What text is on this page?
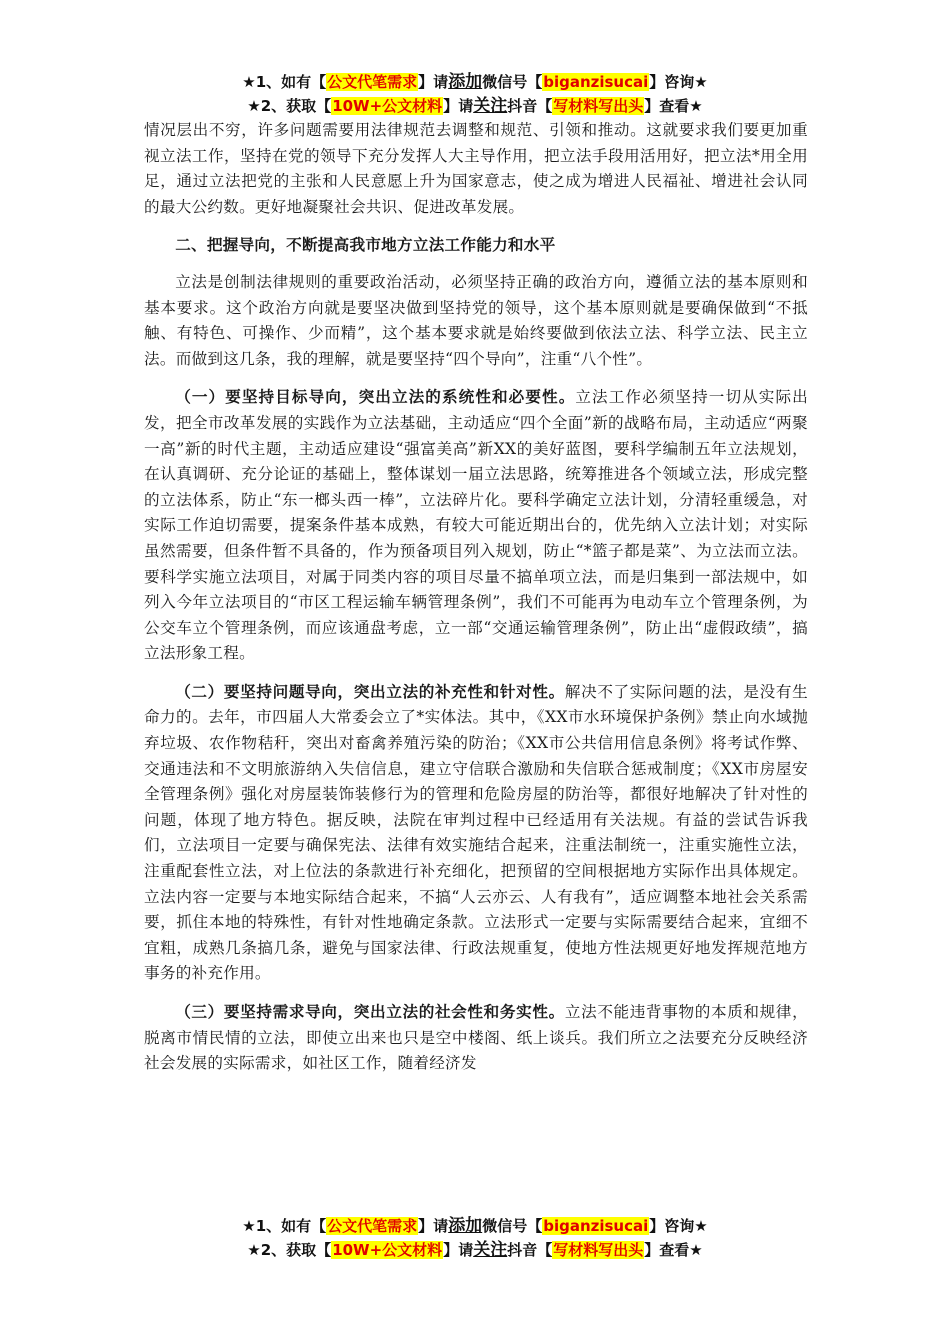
★1、如有【公文代笔需求】请添加微信号【biganzisucai】咨询★
★2、获取【10W+公文材料】请关注抖音【写材料写出头】查看★

情况层出不穷，许多问题需要用法律规范去调整和规范、引领和推动。这就要求我们要更加重视立法工作，坚持在党的领导下充分发挥人大主导作用，把立法手段用活用好，把立法*用全用足，通过立法把党的主张和人民意愿上升为国家意志，使之成为增进人民福祉、增进社会认同的最大公约数。更好地凝聚社会共识、促进改革发展。

二、把握导向，不断提高我市地方立法工作能力和水平

立法是创制法律规则的重要政治活动，必须坚持正确的政治方向，遵循立法的基本原则和基本要求。这个政治方向就是要坚决做到坚持党的领导，这个基本原则就是要确保做到“不抵触、有特色、可操作、少而精”，这个基本要求就是始终要做到依法立法、科学立法、民主立法。而做到这几条，我的理解，就是要坚持“四个导向”，注重“八个性”。

（一）要坚持目标导向，突出立法的系统性和必要性。立法工作必须坚持一切从实际出发，把全市改革发展的实践作为立法基础，主动适应“四个全面”新的战略布局，主动适应“两聚一高”新的时代主题，主动适应建设“强富美高”新XX的美好蓝图，要科学编制五年立法规划，在认真调研、充分论证的基础上，整体谋划一届立法思路，统筹推进各个领域立法，形成完整的立法体系，防止“东一榔头西一棒”，立法碎片化。要科学确定立法计划，分清轻重缓急，对实际工作迫切需要，提案条件基本成熟，有较大可能近期出台的，优先纳入立法计划；对实际虽然需要，但条件暂不具备的，作为预备项目列入规划，防止“*篮子都是菜”、为立法而立法。要科学实施立法项目，对属于同类内容的项目尽量不搞单项立法，而是归集到一部法规中，如列入今年立法项目的“市区工程运输车辆管理条例”，我们不可能再为电动车立个管理条例，为公交车立个管理条例，而应该通盘考虑，立一部“交通运输管理条例”，防止出“虚假政绩”，搞立法形象工程。

（二）要坚持问题导向，突出立法的补充性和针对性。解决不了实际问题的法，是没有生命力的。去年，市四届人大常委会立了*实体法。其中，《XX市水环境保护条例》禁止向水域抛弃垃圾、农作物秸秆，突出对畜禽养殖污染的防治；《XX市公共信用信息条例》将考试作弊、交通违法和不文明旅游纳入失信信息，建立守信联合激励和失信联合惩戒制度；《XX市房屋安全管理条例》强化对房屋装饰装修行为的管理和危险房屋的防治等，都很好地解决了针对性的问题，体现了地方特色。据反映，法院在审判过程中已经适用有关法规。有益的尝试告诉我们，立法项目一定要与确保宪法、法律有效实施结合起来，注重法制统一，注重实施性立法，注重配套性立法，对上位法的条款进行补充细化，把预留的空间根据地方实际作出具体规定。立法内容一定要与本地实际结合起来，不搞“人云亦云、人有我有”，适应调整本地社会关系需要，抓住本地的特殊性，有针对性地确定条款。立法形式一定要与实际需要结合起来，宜细不宜粗，成熟几条搞几条，避免与国家法律、行政法规重复，使地方性法规更好地发挥规范地方事务的补充作用。

（三）要坚持需求导向，突出立法的社会性和务实性。立法不能违背事物的本质和规律，脱离市情民情的立法，即使立出来也只是空中楼阁、纸上谈兵。我们所立之法要充分反映经济社会发展的实际需求，如社区工作，随着经济发

★1、如有【公文代笔需求】请添加微信号【biganzisucai】咨询★
★2、获取【10W+公文材料】请关注抖音【写材料写出头】查看★
